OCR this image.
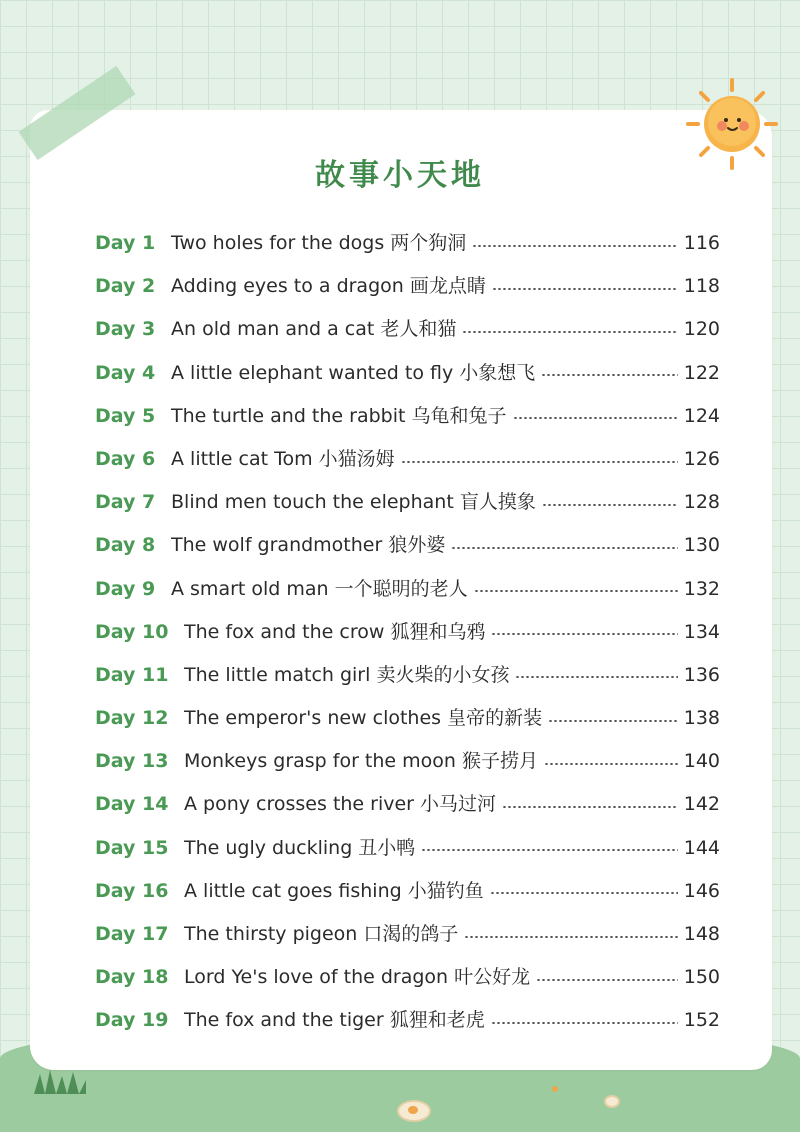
故事小天地
Day 1 Two holes for the dogs 两个狗洞	116
Day 2 Adding eyes to a dragon 画龙点睛	118
Day 3 An old man and a cat 老人和猫	120
Day 4 A little elephant wanted to fly 小象想飞	122
Day 5 The turtle and the rabbit 乌龟和兔子	124
Day 6 A little cat Tom 小猫汤姆	126
Day 7 Blind men touch the elephant 盲人摸象	128
Day 8 The wolf grandmother 狼外婆	130
Day 9 A smart old man 一个聪明的老人	132
Day 10 The fox and the crow 狐狸和乌鸦	134
Day 11 The little match girl 卖火柴的小女孩	136
Day 12 The emperor's new clothes 皇帝的新装	138
Day 13 Monkeys grasp for the moon 猴子捞月	140
Day 14 A pony crosses the river 小马过河	142
Day 15 The ugly duckling 丑小鸭	144
Day 16 A little cat goes fishing 小猫钓鱼	146
Day 17 The thirsty pigeon 口渴的鸽子	148
Day 18 Lord Ye's love of the dragon 叶公好龙	150
Day 19 The fox and the tiger 狐狸和老虎	152
